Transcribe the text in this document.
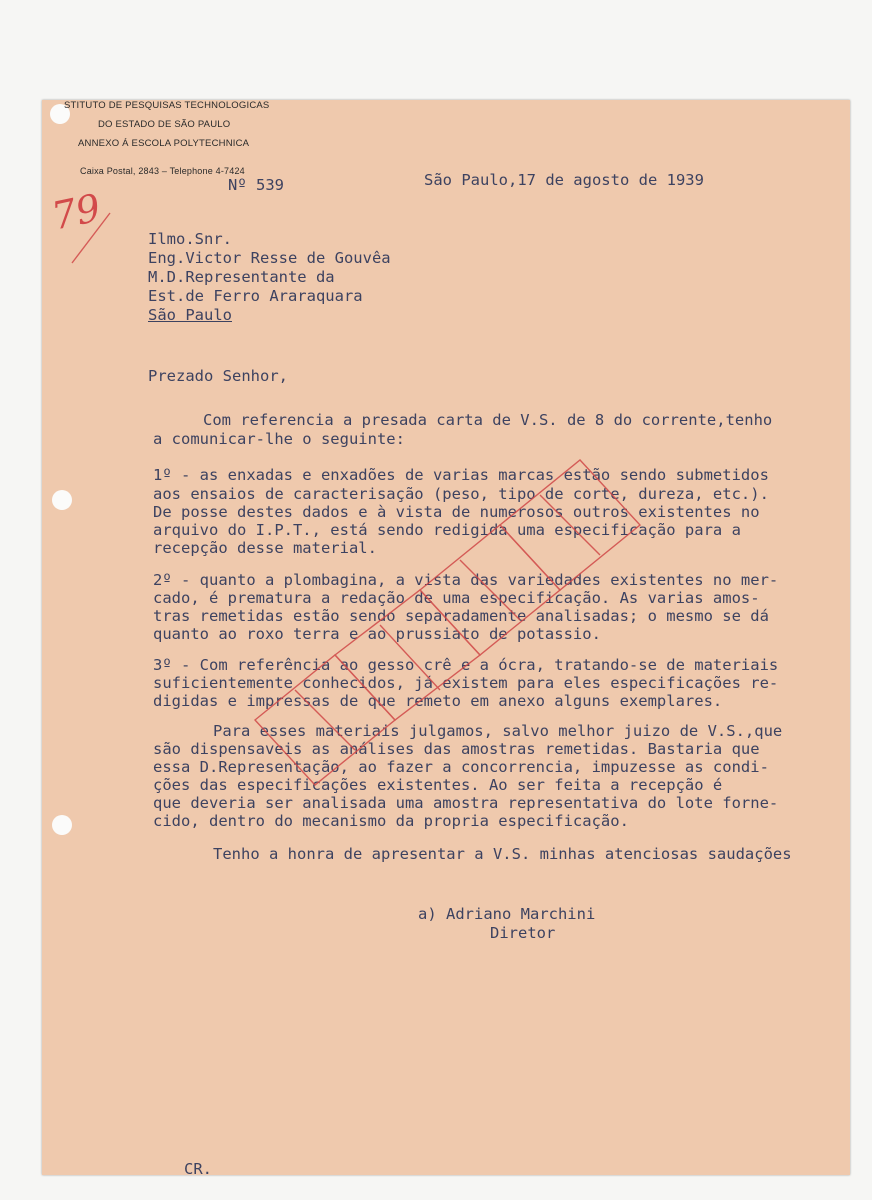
STITUTO DE PESQUISAS TECHNOLOGICAS
DO ESTADO DE SÃO PAULO
ANNEXO Á ESCOLA POLYTECHNICA
Caixa Postal, 2843 – Telephone 4-7424
79
Nº 539	São Paulo,17 de agosto de 1939
Ilmo.Snr.
Eng.Victor Resse de Gouvêa
M.D.Representante da
Est.de Ferro Araraquara
São Paulo
Prezado Senhor,
Com referencia a presada carta de V.S. de 8 do corrente,tenho
a comunicar-lhe o seguinte:
1º - as enxadas e enxadões de varias marcas estão sendo submetidos
aos ensaios de caracterisação (peso, tipo de corte, dureza, etc.).
De posse destes dados e à vista de numerosos outros existentes no
arquivo do I.P.T., está sendo redigida uma especificação para a
recepção desse material.
2º - quanto a plombagina, a vista das variedades existentes no mer-
cado, é prematura a redação de uma especificação. As varias amos-
tras remetidas estão sendo separadamente analisadas; o mesmo se dá
quanto ao roxo terra e ao prussiato de potassio.
3º - Com referência ao gesso crê e a ócra, tratando-se de materiais
suficientemente conhecidos, já existem para eles especificações re-
digidas e impressas de que remeto em anexo alguns exemplares.
Para esses materiais julgamos, salvo melhor juizo de V.S.,que
são dispensaveis as análises das amostras remetidas. Bastaria que
essa D.Representação, ao fazer a concorrencia, impuzesse as condi-
ções das especificações existentes. Ao ser feita a recepção é
que deveria ser analisada uma amostra representativa do lote forne-
cido, dentro do mecanismo da propria especificação.
Tenho a honra de apresentar a V.S. minhas atenciosas saudações
a) Adriano Marchini
Diretor
CR.
